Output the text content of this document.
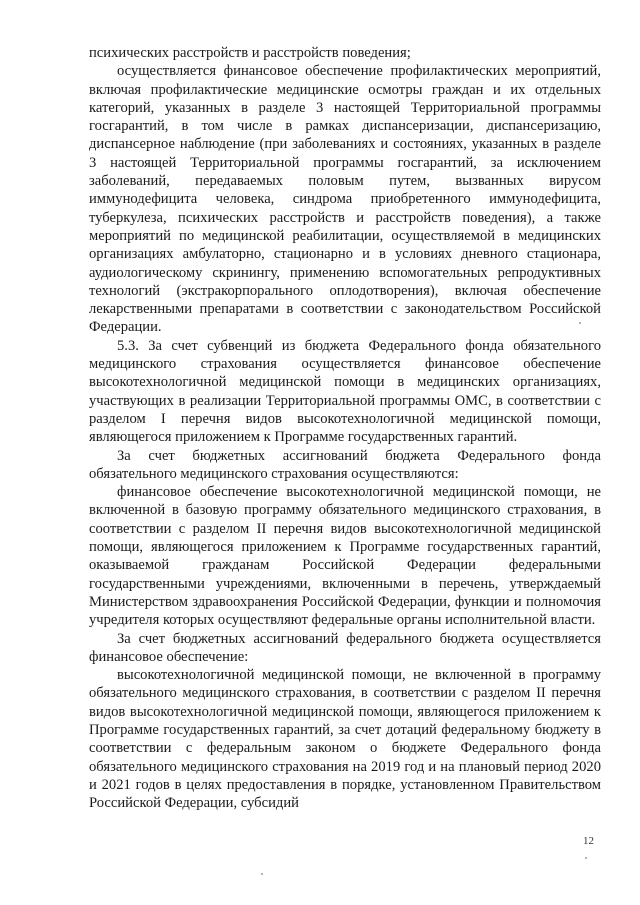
психических расстройств и расстройств поведения;

осуществляется финансовое обеспечение профилактических мероприятий, включая профилактические медицинские осмотры граждан и их отдельных категорий, указанных в разделе 3 настоящей Территориальной программы госгарантий, в том числе в рамках диспансеризации, диспансеризацию, диспансерное наблюдение (при заболеваниях и состояниях, указанных в разделе 3 настоящей Территориальной программы госгарантий, за исключением заболеваний, передаваемых половым путем, вызванных вирусом иммунодефицита человека, синдрома приобретенного иммунодефицита, туберкулеза, психических расстройств и расстройств поведения), а также мероприятий по медицинской реабилитации, осуществляемой в медицинских организациях амбулаторно, стационарно и в условиях дневного стационара, аудиологическому скринингу, применению вспомогательных репродуктивных технологий (экстракорпорального оплодотворения), включая обеспечение лекарственными препаратами в соответствии с законодательством Российской Федерации.

5.3. За счет субвенций из бюджета Федерального фонда обязательного медицинского страхования осуществляется финансовое обеспечение высокотехнологичной медицинской помощи в медицинских организациях, участвующих в реализации Территориальной программы ОМС, в соответствии с разделом I перечня видов высокотехнологичной медицинской помощи, являющегося приложением к Программе государственных гарантий.

За счет бюджетных ассигнований бюджета Федерального фонда обязательного медицинского страхования осуществляются:

финансовое обеспечение высокотехнологичной медицинской помощи, не включенной в базовую программу обязательного медицинского страхования, в соответствии с разделом II перечня видов высокотехнологичной медицинской помощи, являющегося приложением к Программе государственных гарантий, оказываемой гражданам Российской Федерации федеральными государственными учреждениями, включенными в перечень, утверждаемый Министерством здравоохранения Российской Федерации, функции и полномочия учредителя которых осуществляют федеральные органы исполнительной власти.

За счет бюджетных ассигнований федерального бюджета осуществляется финансовое обеспечение:

высокотехнологичной медицинской помощи, не включенной в программу обязательного медицинского страхования, в соответствии с разделом II перечня видов высокотехнологичной медицинской помощи, являющегося приложением к Программе государственных гарантий, за счет дотаций федеральному бюджету в соответствии с федеральным законом о бюджете Федерального фонда обязательного медицинского страхования на 2019 год и на плановый период 2020 и 2021 годов в целях предоставления в порядке, установленном Правительством Российской Федерации, субсидий

12
